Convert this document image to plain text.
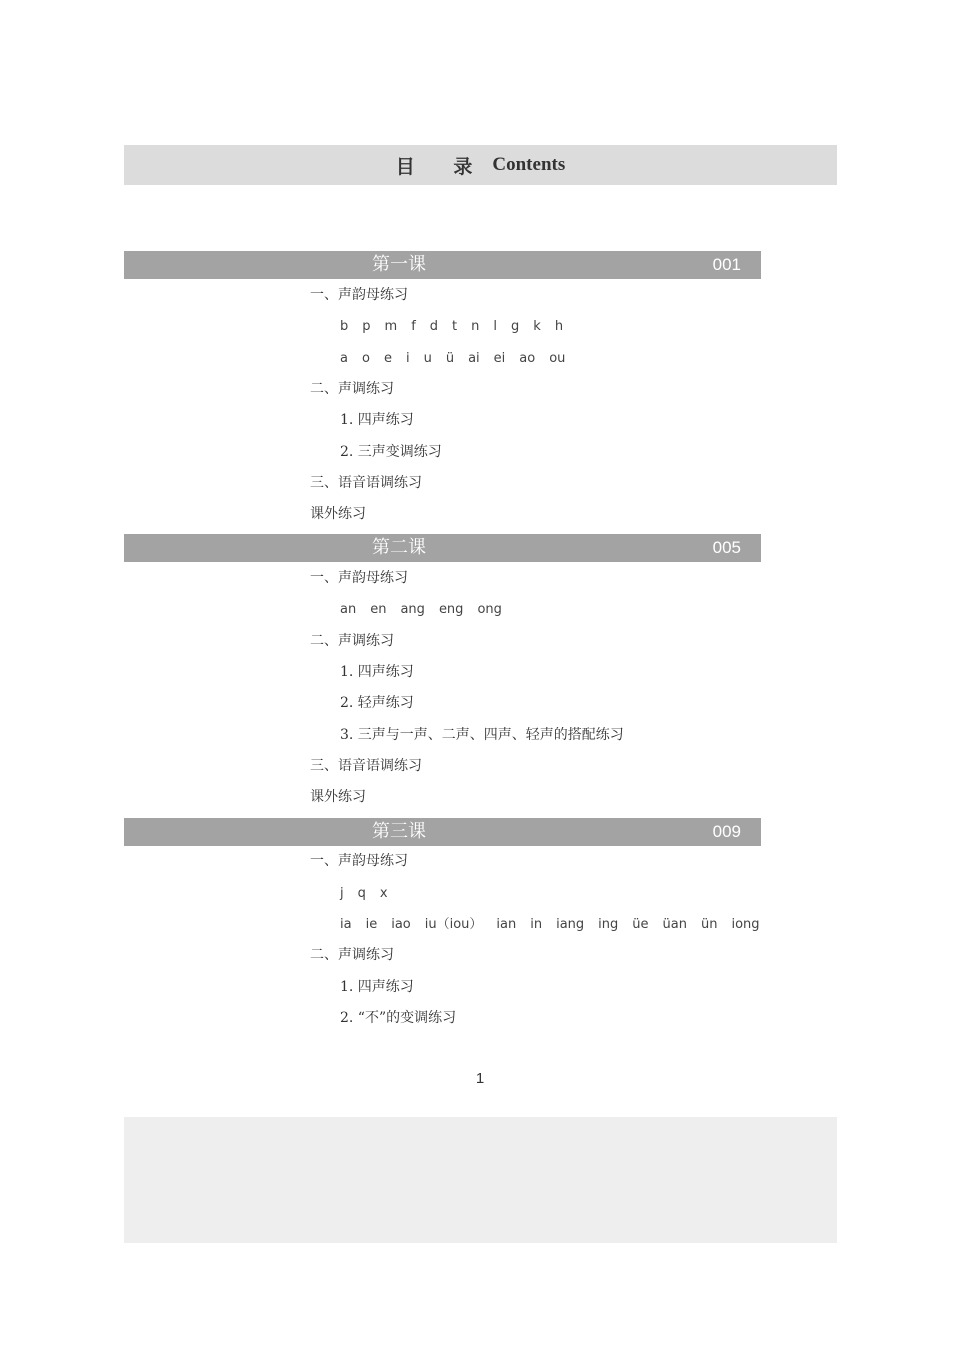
目 录 Contents
第一课	001
一、声韵母练习
b p m f d t n l g k h
a o e i u ü ai ei ao ou
二、声调练习
1. 四声练习
2. 三声变调练习
三、语音语调练习
课外练习
第二课	005
一、声韵母练习
an en ang eng ong
二、声调练习
1. 四声练习
2. 轻声练习
3. 三声与一声、二声、四声、轻声的搭配练习
三、语音语调练习
课外练习
第三课	009
一、声韵母练习
j q x
ia ie iao iu（iou） ian in iang ing üe üan ün iong
二、声调练习
1. 四声练习
2. “不”的变调练习
1
